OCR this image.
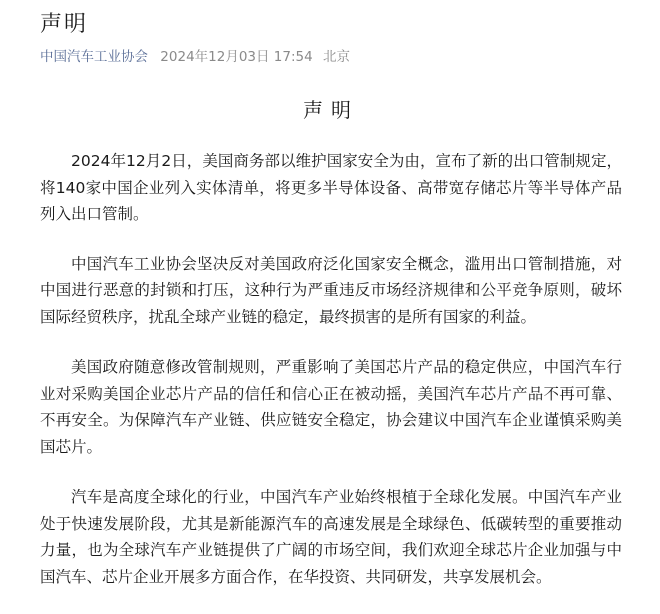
声明
中国汽车工业协会 2024年12月03日 17:54 北京
声明

2024年12月2日，美国商务部以维护国家安全为由，宣布了新的出口管制规定，将140家中国企业列入实体清单，将更多半导体设备、高带宽存储芯片等半导体产品列入出口管制。

中国汽车工业协会坚决反对美国政府泛化国家安全概念，滥用出口管制措施，对中国进行恶意的封锁和打压，这种行为严重违反市场经济规律和公平竞争原则，破坏国际经贸秩序，扰乱全球产业链的稳定，最终损害的是所有国家的利益。

美国政府随意修改管制规则，严重影响了美国芯片产品的稳定供应，中国汽车行业对采购美国企业芯片产品的信任和信心正在被动摇，美国汽车芯片产品不再可靠、不再安全。为保障汽车产业链、供应链安全稳定，协会建议中国汽车企业谨慎采购美国芯片。

汽车是高度全球化的行业，中国汽车产业始终根植于全球化发展。中国汽车产业处于快速发展阶段，尤其是新能源汽车的高速发展是全球绿色、低碳转型的重要推动力量，也为全球汽车产业链提供了广阔的市场空间，我们欢迎全球芯片企业加强与中国汽车、芯片企业开展多方面合作，在华投资、共同研发，共享发展机会。
